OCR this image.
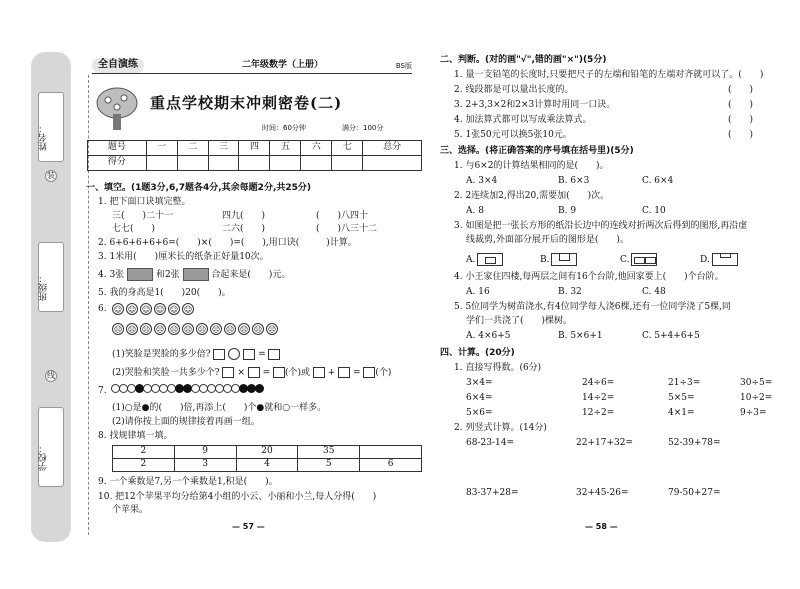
装
线
姓名：
班级：
学校：
全自演练	二年级数学（上册）	BS版
重点学校期末冲刺密卷(二)
时间：60分钟	满分：100分
题号	一	二	三	四	五	六	七	总分
得分								
一、填空。(1题3分,6,7题各4分,其余每题2分,共25分)
1. 把下面口诀填完整。
三(　　)二十一	四九(　　)	(　　)八四十
七七(　　)	二六(　　)	(　　)八三十二
2. 6+6+6+6+6=(　　)×(　　)=(　　),用口诀(　　　)计算。
3. 1米用(　　)厘米长的纸条正好量10次。
4. 3张	和2张	合起来是(　　)元。
5. 我的身高是1(　　)20(　　)。
6. ☺ ☺ ☺ ☺ ☺ ☺
☹ ☹ ☹ ☹ ☹ ☹ ☹ ☹ ☹ ☹ ☹ ☹
(1)笑脸是哭脸的多少倍?	=
(2)哭脸和笑脸一共多少个?  ×  = (个)或  +  = (个)
7.
(1)○是●的(　　)倍,再添上(　　)个●就和○一样多。
(2)请你按上面的规律接着再画一组。
8. 找规律填一填。
2	9	20	35	
2	3	4	5	6
9. 一个乘数是7,另一个乘数是1,积是(　　)。
10. 把12个苹果平均分给第4小组的小云、小丽和小兰,每人分得(　　)
个苹果。
— 57 —
二、判断。(对的画"√",错的画"×")(5分)
1. 量一支铅笔的长度时,只要把尺子的左端和铅笔的左端对齐就可以了。(　　)
2. 线段都是可以量出长度的。	(　　)
3. 2+3,3×2和2×3计算时用同一口诀。	(　　)
4. 加法算式都可以写成乘法算式。	(　　)
5. 1张50元可以换5张10元。	(　　)
三、选择。(将正确答案的序号填在括号里)(5分)
1. 与6×2的计算结果相同的是(　　)。
A. 3×4	B. 6×3	C. 6×4
2. 2连续加2,得出20,需要加(　　)次。
A. 8	B. 9	C. 10
3. 如图是把一张长方形的纸沿长边中的连线对折两次后得到的图形,再沿虚
线裁剪,外面部分展开后的图形是(　　)。
A.	B.	C.	D.
4. 小王家住四楼,每两层之间有16个台阶,他回家要上(　　)个台阶。
A. 16	B. 32	C. 48
5. 5位同学为树苗浇水,有4位同学每人浇6棵,还有一位同学浇了5棵,同
学们一共浇了(　　)棵树。
A. 4×6+5	B. 5×6+1	C. 5+4+6+5
四、计算。(20分)
1. 直接写得数。(6分)
3×4=	24÷6=	21÷3=	30÷5=
6×4=	14÷2=	5×5=	10÷2=
5×6=	12÷2=	4×1=	9÷3=
2. 列竖式计算。(14分)
68-23-14=	22+17+32=	52-39+78=
83-37+28=	32+45-26=	79-50+27=
— 58 —
